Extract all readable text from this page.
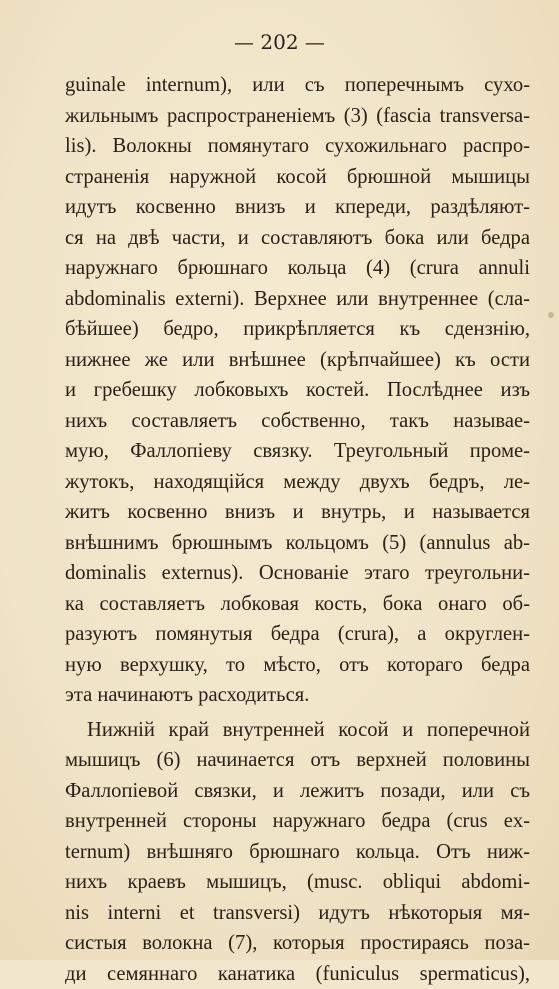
— 202 —
guinale internum), или съ поперечнымъ сухо-
жильнымъ распространеніемъ (3) (fascia transversa-
lis). Волокны помянутаго сухожильнаго распро-
страненія наружной косой брюшной мышицы
идутъ косвенно внизъ и кпереди, раздѣляют-
ся на двѣ части, и составляютъ бока или бедра
наружнаго брюшнаго кольца (4) (crura annuli
abdominalis externi). Верхнее или внутреннее (сла-
бѣйшее) бедро, прикрѣпляется къ сдензнію,
нижнее же или внѣшнее (крѣпчайшее) къ ости
и гребешку лобковыхъ костей. Послѣднее изъ
нихъ составляетъ собственно, такъ называе-
мую, Фаллопіеву связку. Треугольный проме-
жутокъ, находящійся между двухъ бедръ, ле-
житъ косвенно внизъ и внутрь, и называется
внѣшнимъ брюшнымъ кольцомъ (5) (annulus ab-
dominalis externus). Основаніе этаго треугольни-
ка составляетъ лобковая кость, бока онаго об-
разуютъ помянутыя бедра (crura), а округлен-
ную верхушку, то мѣсто, отъ котораго бедра
эта начинаютъ расходиться.
Нижній край внутренней косой и поперечной
мышицъ (6) начинается отъ верхней половины
Фаллопіевой связки, и лежитъ позади, или съ
внутренней стороны наружнаго бедра (crus ex-
ternum) внѣшняго брюшнаго кольца. Отъ ниж-
нихъ краевъ мышицъ, (musc. obliqui abdomi-
nis interni et transversi) идутъ нѣкоторыя мя-
систыя волокна (7), которыя простираясь поза-
ди семяннаго канатика (funiculus spermaticus),
